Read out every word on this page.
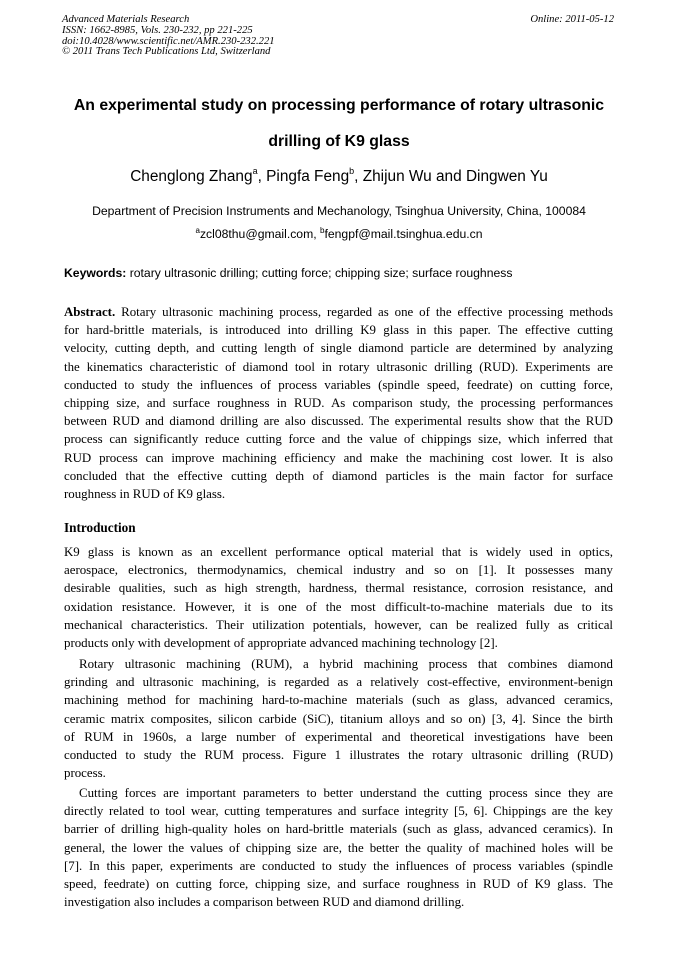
Advanced Materials Research
ISSN: 1662-8985, Vols. 230-232, pp 221-225
doi:10.4028/www.scientific.net/AMR.230-232.221
© 2011 Trans Tech Publications Ltd, Switzerland
Online: 2011-05-12
An experimental study on processing performance of rotary ultrasonic
drilling of K9 glass
Chenglong Zhang$^a$, Pingfa Feng$^b$, Zhijun Wu and Dingwen Yu
Department of Precision Instruments and Mechanology, Tsinghua University, China, 100084
$^a$zcl08thu@gmail.com, $^b$fengpf@mail.tsinghua.edu.cn
Keywords: rotary ultrasonic drilling; cutting force; chipping size; surface roughness
Abstract. Rotary ultrasonic machining process, regarded as one of the effective processing methods
for hard-brittle materials, is introduced into drilling K9 glass in this paper. The effective cutting
velocity, cutting depth, and cutting length of single diamond particle are determined by analyzing
the kinematics characteristic of diamond tool in rotary ultrasonic drilling (RUD). Experiments are
conducted to study the influences of process variables (spindle speed, feedrate) on cutting force,
chipping size, and surface roughness in RUD. As comparison study, the processing performances
between RUD and diamond drilling are also discussed. The experimental results show that the RUD
process can significantly reduce cutting force and the value of chippings size, which inferred that
RUD process can improve machining efficiency and make the machining cost lower. It is also
concluded that the effective cutting depth of diamond particles is the main factor for surface
roughness in RUD of K9 glass.
Introduction
K9 glass is known as an excellent performance optical material that is widely used in optics,
aerospace, electronics, thermodynamics, chemical industry and so on [1]. It possesses many
desirable qualities, such as high strength, hardness, thermal resistance, corrosion resistance, and
oxidation resistance. However, it is one of the most difficult-to-machine materials due to its
mechanical characteristics. Their utilization potentials, however, can be realized fully as critical
products only with development of appropriate advanced machining technology [2].
Rotary ultrasonic machining (RUM), a hybrid machining process that combines diamond
grinding and ultrasonic machining, is regarded as a relatively cost-effective, environment-benign
machining method for machining hard-to-machine materials (such as glass, advanced ceramics,
ceramic matrix composites, silicon carbide (SiC), titanium alloys and so on) [3, 4]. Since the birth
of RUM in 1960s, a large number of experimental and theoretical investigations have been
conducted to study the RUM process. Figure 1 illustrates the rotary ultrasonic drilling (RUD)
process.
Cutting forces are important parameters to better understand the cutting process since they are
directly related to tool wear, cutting temperatures and surface integrity [5, 6]. Chippings are the key
barrier of drilling high-quality holes on hard-brittle materials (such as glass, advanced ceramics). In
general, the lower the values of chipping size are, the better the quality of machined holes will be
[7]. In this paper, experiments are conducted to study the influences of process variables (spindle
speed, feedrate) on cutting force, chipping size, and surface roughness in RUD of K9 glass. The
investigation also includes a comparison between RUD and diamond drilling.
